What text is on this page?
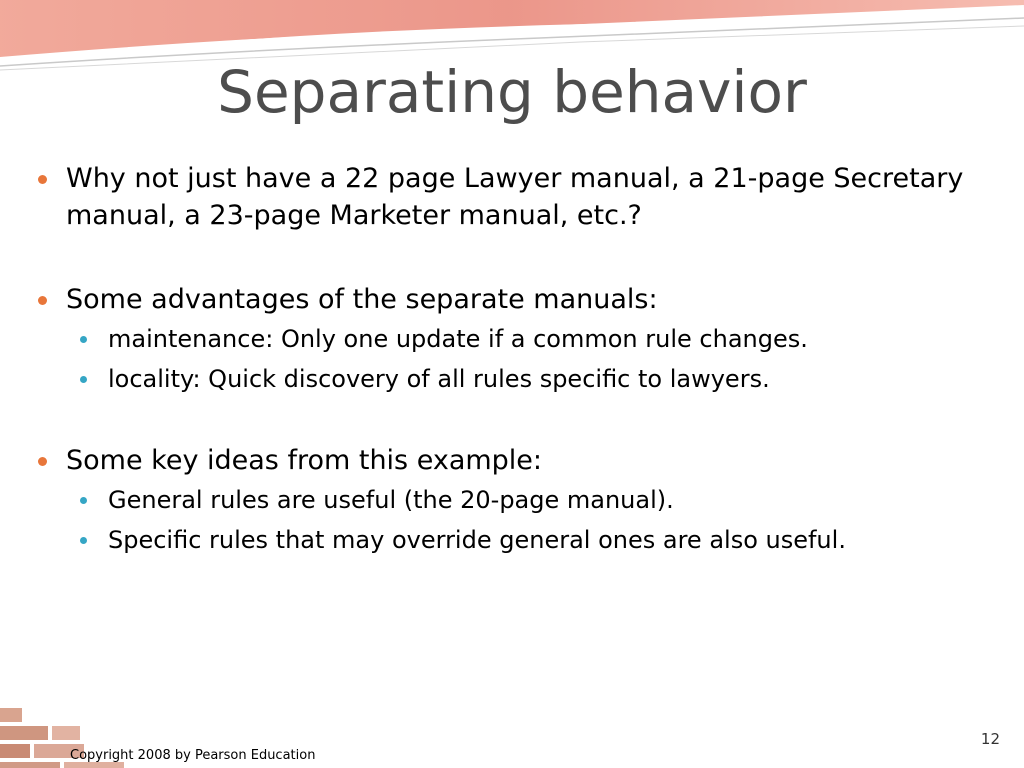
Separating behavior
Why not just have a 22 page Lawyer manual, a 21-page Secretary manual, a 23-page Marketer manual, etc.?
Some advantages of the separate manuals:
maintenance: Only one update if a common rule changes.
locality: Quick discovery of all rules specific to lawyers.
Some key ideas from this example:
General rules are useful (the 20-page manual).
Specific rules that may override general ones are also useful.
Copyright 2008 by Pearson Education
12
